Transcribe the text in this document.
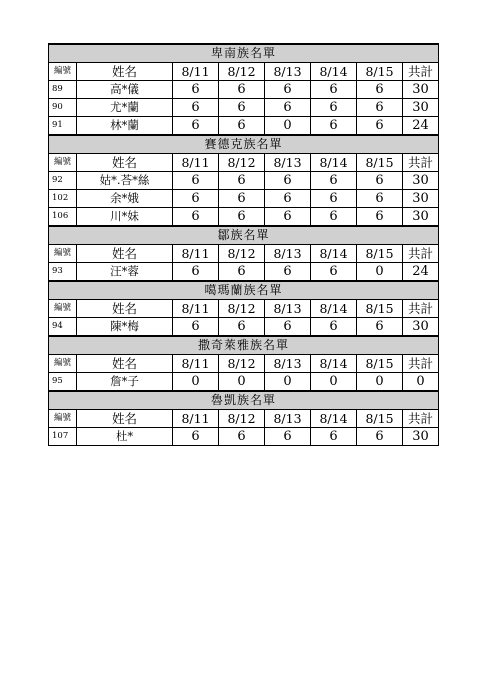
卑南族名單							
編號	姓名	8/11	8/12	8/13	8/14	8/15	共計
89	高*儀	6	6	6	6	6	30
90	尤*蘭	6	6	6	6	6	30
91	林*蘭	6	6	0	6	6	24
賽德克族名單							
編號	姓名	8/11	8/12	8/13	8/14	8/15	共計
92	姑*.荅*絲	6	6	6	6	6	30
102	余*娥	6	6	6	6	6	30
106	川*妹	6	6	6	6	6	30
鄒族名單							
編號	姓名	8/11	8/12	8/13	8/14	8/15	共計
93	汪*蓉	6	6	6	6	0	24
噶瑪蘭族名單							
編號	姓名	8/11	8/12	8/13	8/14	8/15	共計
94	陳*梅	6	6	6	6	6	30
撒奇萊雅族名單							
編號	姓名	8/11	8/12	8/13	8/14	8/15	共計
95	詹*子	0	0	0	0	0	0
魯凱族名單							
編號	姓名	8/11	8/12	8/13	8/14	8/15	共計
107	杜*	6	6	6	6	6	30
